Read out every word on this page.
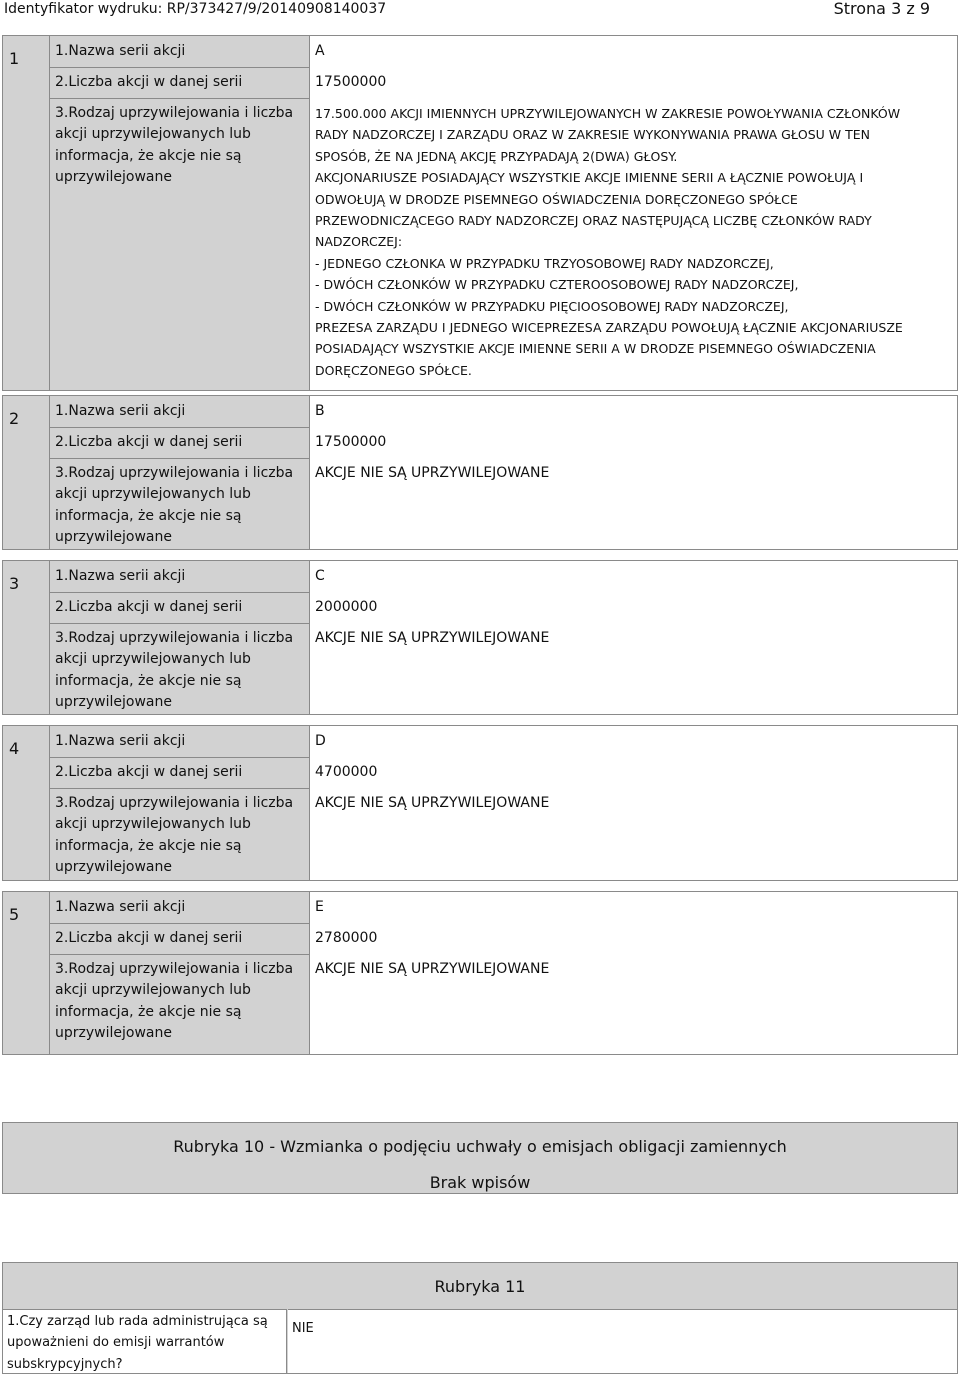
Identyfikator wydruku: RP/373427/9/20140908140037	Strona 3 z 9
1	1.Nazwa serii akcji	A
2.Liczba akcji w danej serii	17500000
3.Rodzaj uprzywilejowania i liczba
akcji uprzywilejowanych lub
informacja, że akcje nie są
uprzywilejowane
17.500.000 AKCJI IMIENNYCH UPRZYWILEJOWANYCH W ZAKRESIE POWOŁYWANIA CZŁONKÓW
RADY NADZORCZEJ I ZARZĄDU ORAZ W ZAKRESIE WYKONYWANIA PRAWA GŁOSU W TEN
SPOSÓB, ŻE NA JEDNĄ AKCJĘ PRZYPADAJĄ 2(DWA) GŁOSY.
AKCJONARIUSZE POSIADAJĄCY WSZYSTKIE AKCJE IMIENNE SERII A ŁĄCZNIE POWOŁUJĄ I
ODWOŁUJĄ W DRODZE PISEMNEGO OŚWIADCZENIA DORĘCZONEGO SPÓŁCE
PRZEWODNICZĄCEGO RADY NADZORCZEJ ORAZ NASTĘPUJĄCĄ LICZBĘ CZŁONKÓW RADY
NADZORCZEJ:
- JEDNEGO CZŁONKA W PRZYPADKU TRZYOSOBOWEJ RADY NADZORCZEJ,
- DWÓCH CZŁONKÓW W PRZYPADKU CZTEROOSOBOWEJ RADY NADZORCZEJ,
- DWÓCH CZŁONKÓW W PRZYPADKU PIĘCIOOSOBOWEJ RADY NADZORCZEJ,
PREZESA ZARZĄDU I JEDNEGO WICEPREZESA ZARZĄDU POWOŁUJĄ ŁĄCZNIE AKCJONARIUSZE
POSIADAJĄCY WSZYSTKIE AKCJE IMIENNE SERII A W DRODZE PISEMNEGO OŚWIADCZENIA
DORĘCZONEGO SPÓŁCE.
2	1.Nazwa serii akcji	B
2.Liczba akcji w danej serii	17500000
3.Rodzaj uprzywilejowania i liczba
akcji uprzywilejowanych lub
informacja, że akcje nie są
uprzywilejowane
AKCJE NIE SĄ UPRZYWILEJOWANE
3	1.Nazwa serii akcji	C
2.Liczba akcji w danej serii	2000000
3.Rodzaj uprzywilejowania i liczba
akcji uprzywilejowanych lub
informacja, że akcje nie są
uprzywilejowane
AKCJE NIE SĄ UPRZYWILEJOWANE
4	1.Nazwa serii akcji	D
2.Liczba akcji w danej serii	4700000
3.Rodzaj uprzywilejowania i liczba
akcji uprzywilejowanych lub
informacja, że akcje nie są
uprzywilejowane
AKCJE NIE SĄ UPRZYWILEJOWANE
5	1.Nazwa serii akcji	E
2.Liczba akcji w danej serii	2780000
3.Rodzaj uprzywilejowania i liczba
akcji uprzywilejowanych lub
informacja, że akcje nie są
uprzywilejowane
AKCJE NIE SĄ UPRZYWILEJOWANE
Rubryka 10 - Wzmianka o podjęciu uchwały o emisjach obligacji zamiennych
Brak wpisów
Rubryka 11
1.Czy zarząd lub rada administrująca są
upoważnieni do emisji warrantów
subskrypcyjnych?
NIE
